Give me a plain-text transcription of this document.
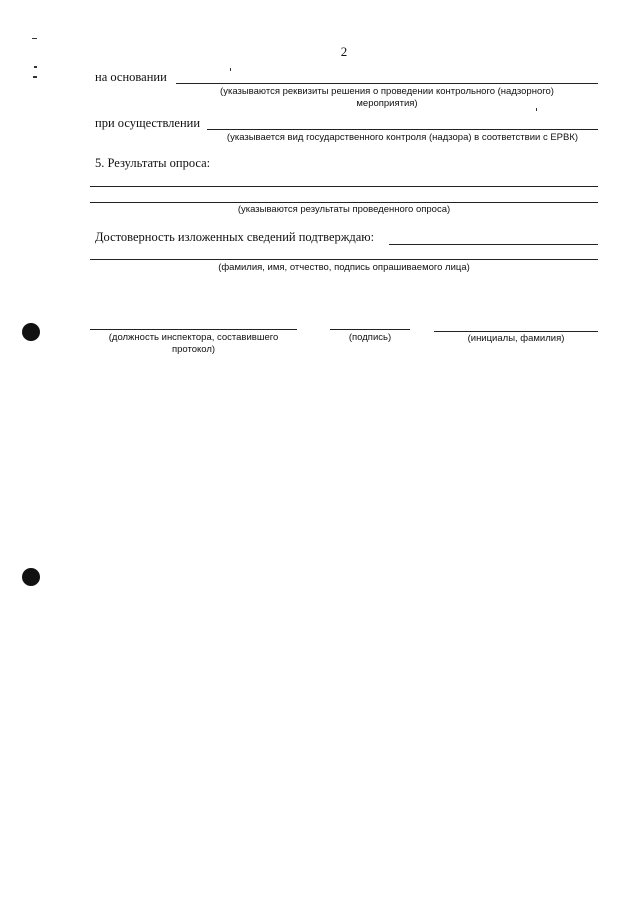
2
на основании
(указываются реквизиты решения о проведении контрольного (надзорного)
мероприятия)
при осуществлении
(указывается вид государственного контроля (надзора) в соответствии с ЕРВК)
5. Результаты опроса:
(указываются результаты проведенного опроса)
Достоверность изложенных сведений подтверждаю:
(фамилия, имя, отчество, подпись опрашиваемого лица)
(должность инспектора, составившего
протокол)
(подпись)	(инициалы, фамилия)
